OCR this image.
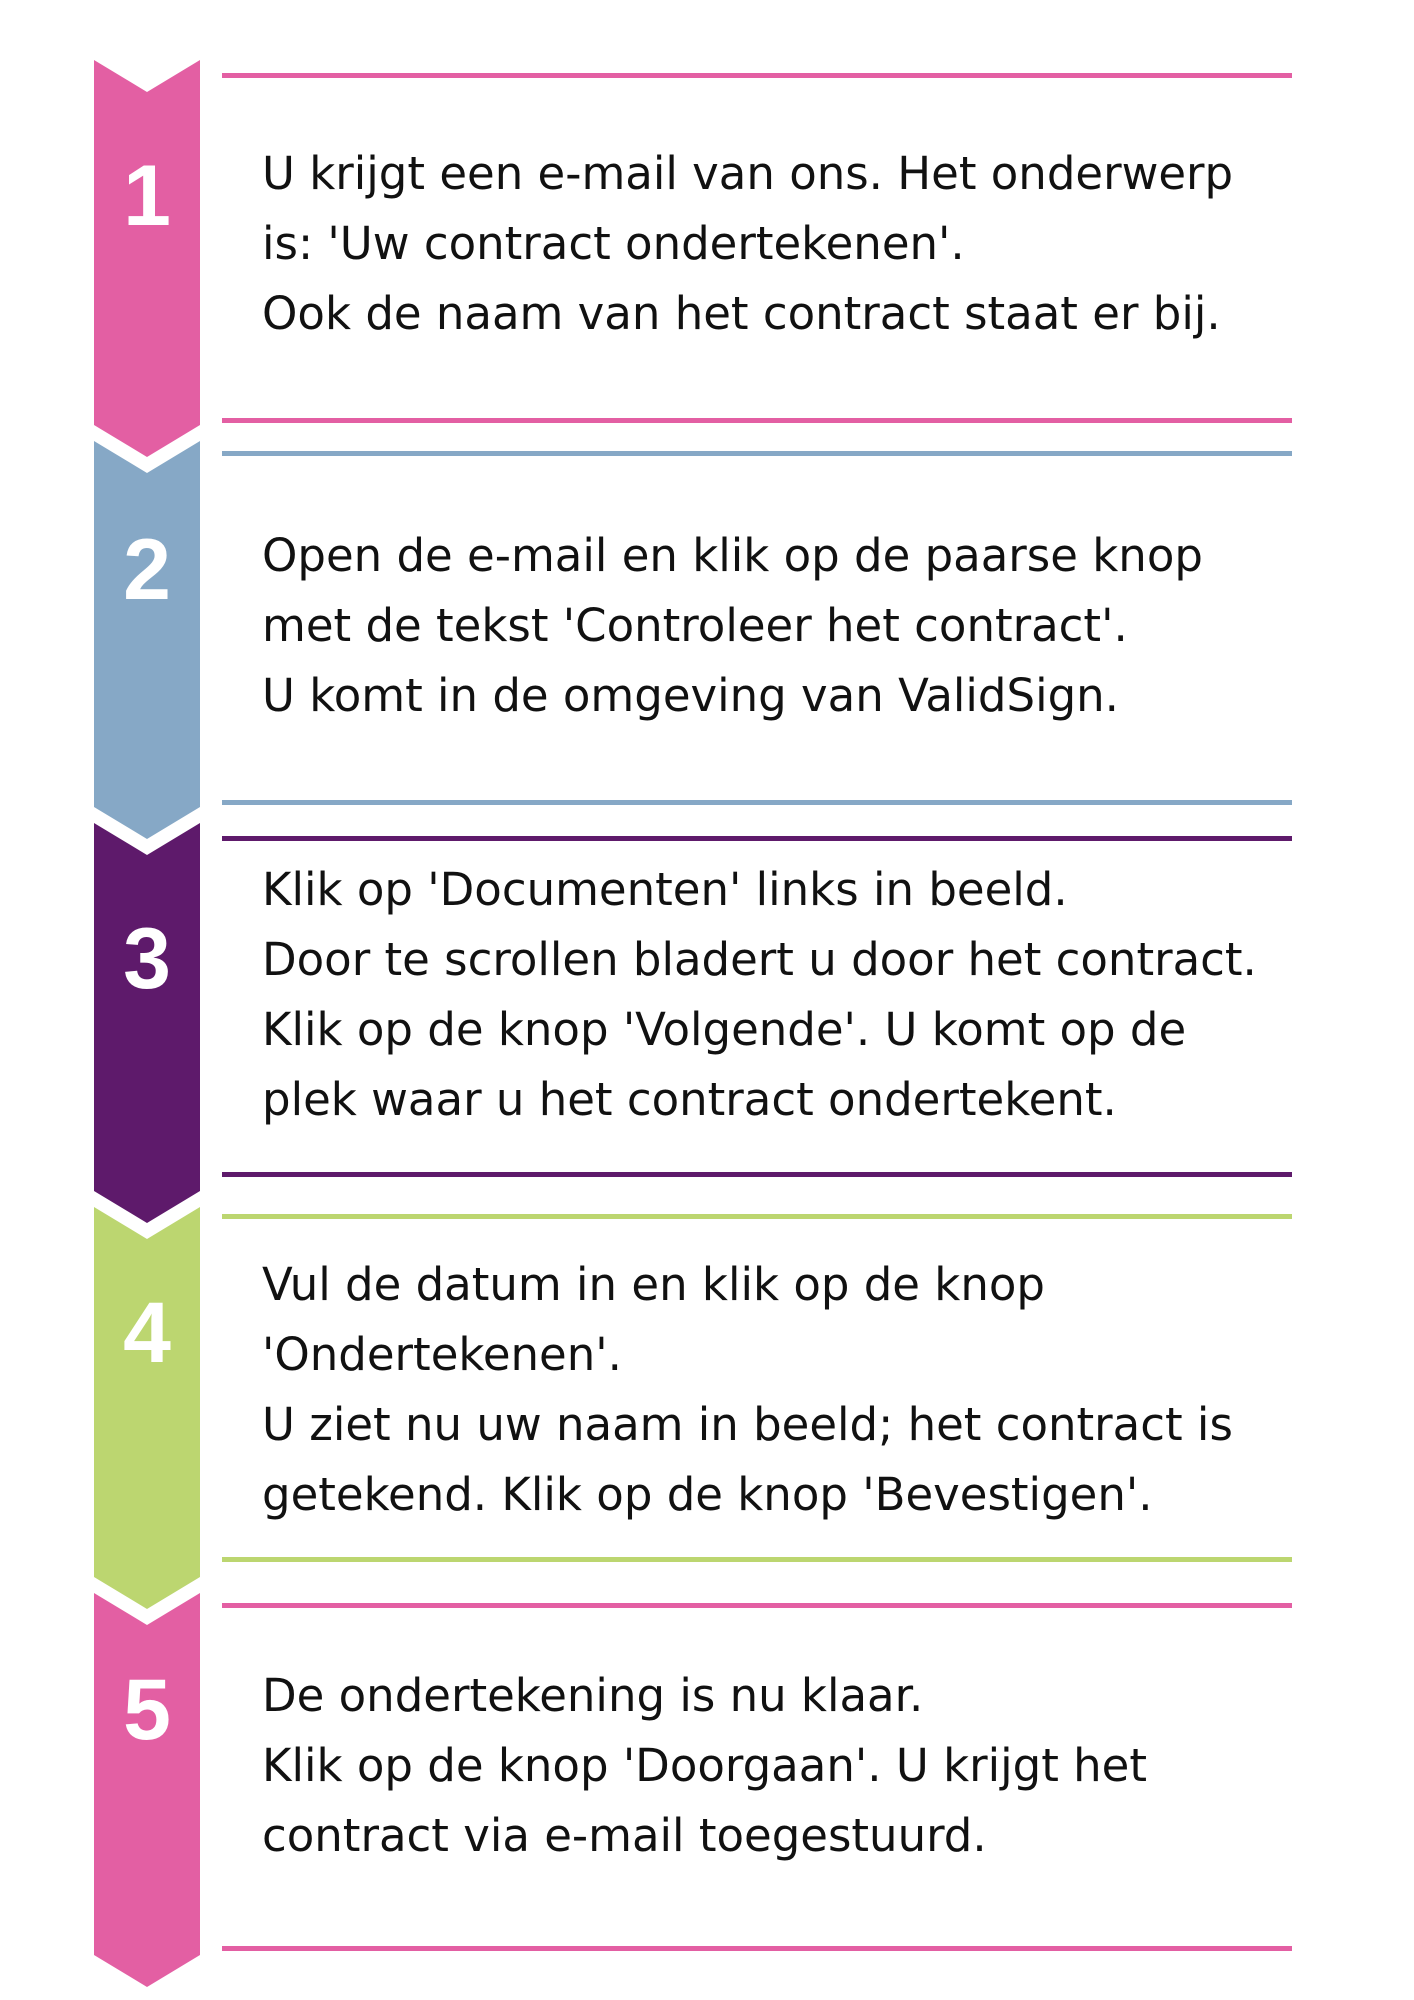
1	U krijgt een e-mail van ons. Het onderwerp
is: 'Uw contract ondertekenen'.
Ook de naam van het contract staat er bij.
2	Open de e-mail en klik op de paarse knop
met de tekst 'Controleer het contract'.
U komt in de omgeving van ValidSign.
3
Klik op 'Documenten' links in beeld.
Door te scrollen bladert u door het contract.
Klik op de knop 'Volgende'. U komt op de
plek waar u het contract ondertekent.
4
Vul de datum in en klik op de knop
'Ondertekenen'.
U ziet nu uw naam in beeld; het contract is
getekend. Klik op de knop 'Bevestigen'.
5	De ondertekening is nu klaar.
Klik op de knop 'Doorgaan'. U krijgt het
contract via e-mail toegestuurd.
